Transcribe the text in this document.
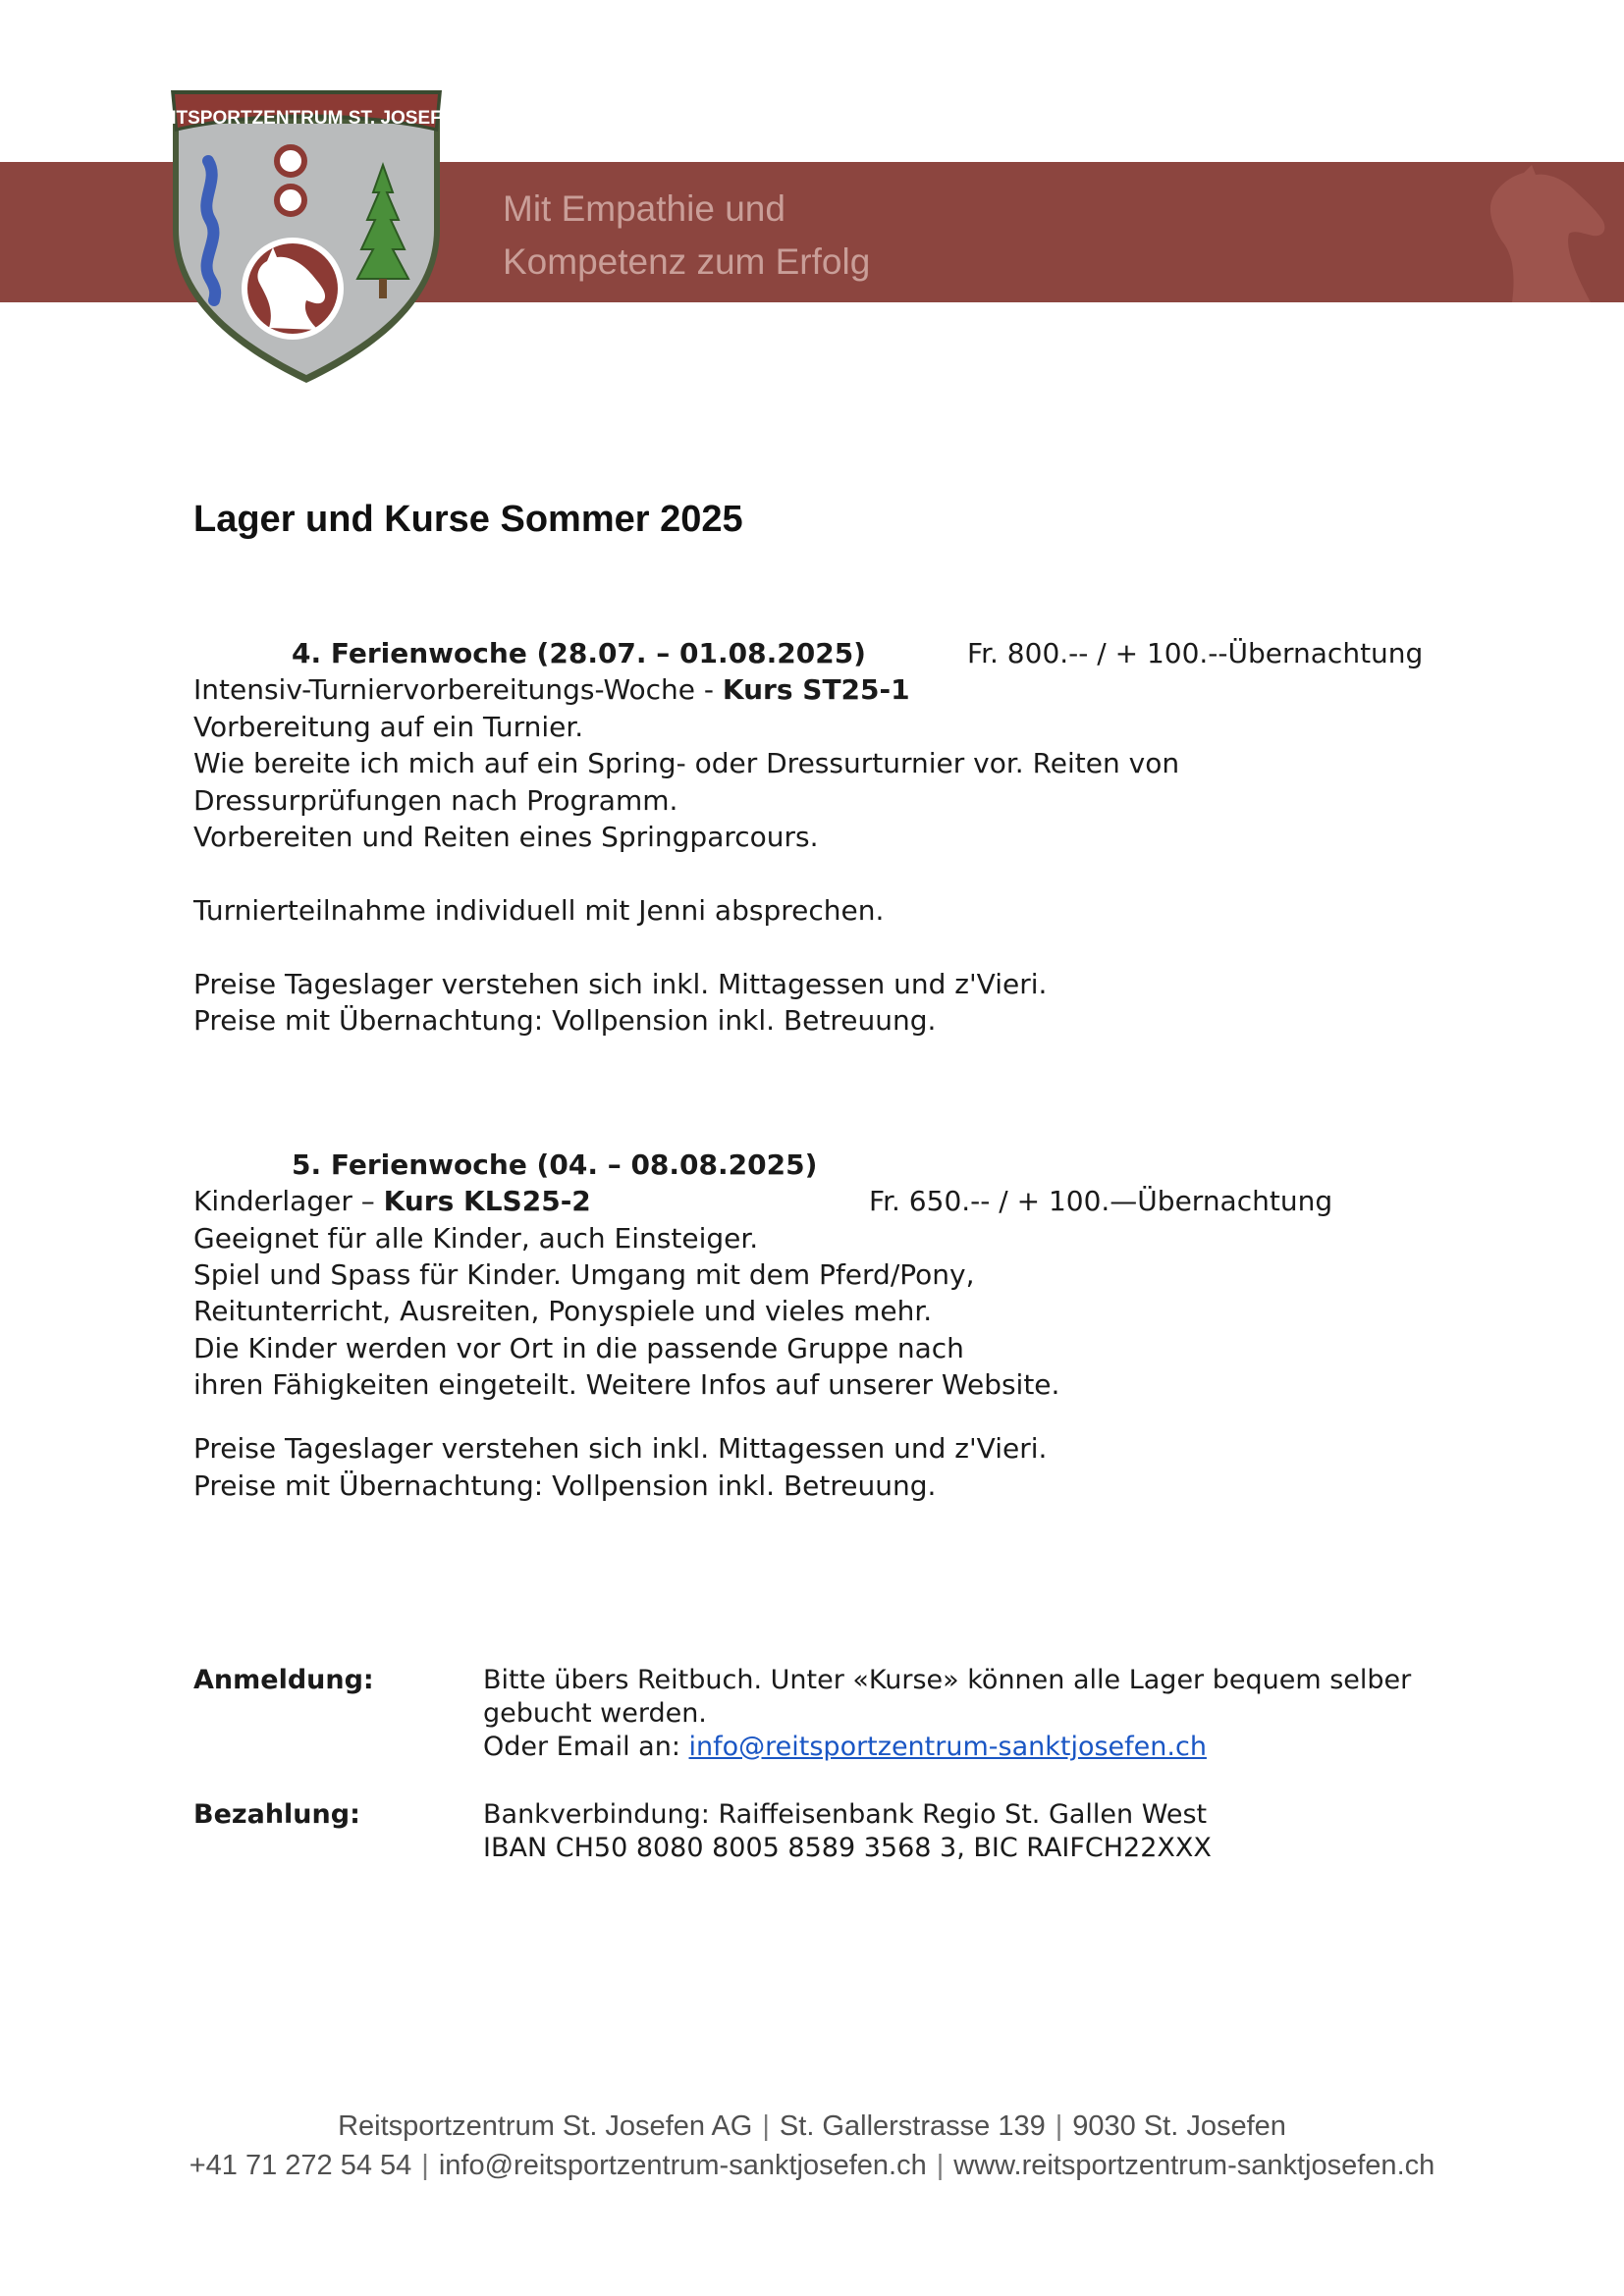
Mit Empathie und
Kompetenz zum Erfolg
REITSPORTZENTRUM ST. JOSEFEN
Lager und Kurse Sommer 2025
4. Ferienwoche (28.07. – 01.08.2025)	Fr. 800.-- / + 100.--Übernachtung
Intensiv-Turniervorbereitungs-Woche - Kurs ST25-1
Vorbereitung auf ein Turnier.
Wie bereite ich mich auf ein Spring- oder Dressurturnier vor. Reiten von
Dressurprüfungen nach Programm.
Vorbereiten und Reiten eines Springparcours.
Turnierteilnahme individuell mit Jenni absprechen.
Preise Tageslager verstehen sich inkl. Mittagessen und z'Vieri.
Preise mit Übernachtung: Vollpension inkl. Betreuung.
5. Ferienwoche (04. – 08.08.2025)
Kinderlager – Kurs KLS25-2	Fr. 650.-- / + 100.—Übernachtung
Geeignet für alle Kinder, auch Einsteiger.
Spiel und Spass für Kinder. Umgang mit dem Pferd/Pony,
Reitunterricht, Ausreiten, Ponyspiele und vieles mehr.
Die Kinder werden vor Ort in die passende Gruppe nach
ihren Fähigkeiten eingeteilt. Weitere Infos auf unserer Website.
Preise Tageslager verstehen sich inkl. Mittagessen und z'Vieri.
Preise mit Übernachtung: Vollpension inkl. Betreuung.
Anmeldung:	Bitte übers Reitbuch. Unter «Kurse» können alle Lager bequem selber
gebucht werden.
Oder Email an: info@reitsportzentrum-sanktjosefen.ch
Bezahlung:	Bankverbindung: Raiffeisenbank Regio St. Gallen West
IBAN CH50 8080 8005 8589 3568 3, BIC RAIFCH22XXX
Reitsportzentrum St. Josefen AG | St. Gallerstrasse 139 | 9030 St. Josefen
+41 71 272 54 54 | info@reitsportzentrum-sanktjosefen.ch | www.reitsportzentrum-sanktjosefen.ch
